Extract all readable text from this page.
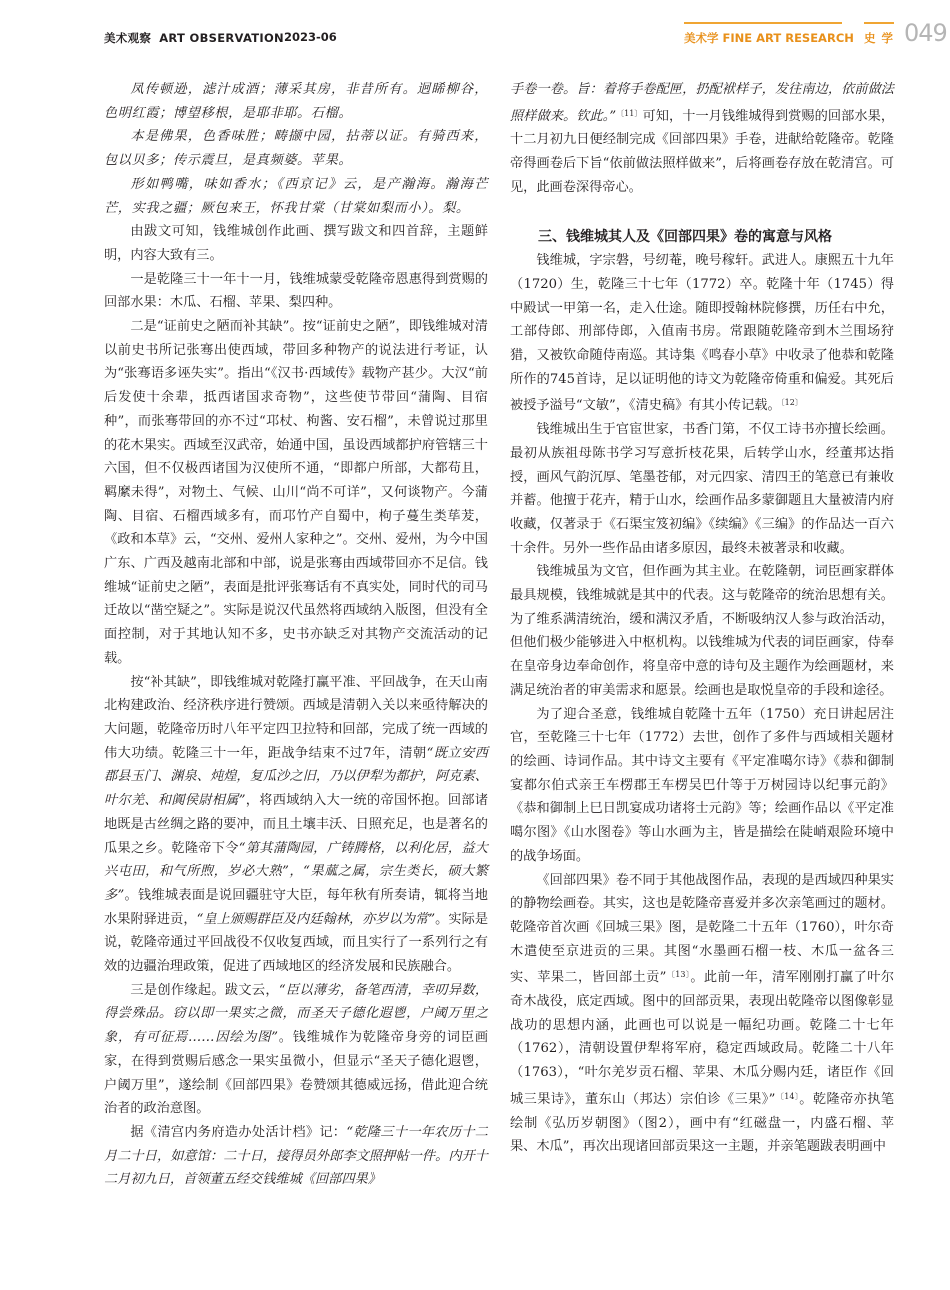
美术观察 ART OBSERVATION 2023-06	美术学 FINE ART RESEARCH 史学 049

凤传顿逊，滤汁成酒；薄采其房，非昔所有。迥睎柳谷，色明红霞；博望移根，是耶非耶。石榴。

本是佛果，色香味胜；畴撷中园，拈蒂以证。有骑西来，包以贝多；传示震旦，是真频婆。苹果。

形如鸭嘴，味如香水；《西京记》云，是产瀚海。瀚海芒芒，实我之疆；厥包来王，怀我甘棠（甘棠如梨而小）。梨。

由跋文可知，钱维城创作此画、撰写跋文和四首辞，主题鲜明，内容大致有三。

一是乾隆三十一年十一月，钱维城蒙受乾隆帝恩惠得到赏赐的回部水果：木瓜、石榴、苹果、梨四种。

二是“证前史之陋而补其缺”。按“证前史之陋”，即钱维城对清以前史书所记张骞出使西域，带回多种物产的说法进行考证，认为“张骞语多诬失实”。指出“《汉书·西域传》载物产甚少。大汉“前后发使十余辈，抵西诸国求奇物”，这些使节带回“蒲陶、目宿种”，而张骞带回的亦不过“邛杖、枸酱、安石榴”，未曾说过那里的花木果实。西域至汉武帝，始通中国，虽设西域都护府管辖三十六国，但不仅极西诸国为汉使所不通，“即都户所部，大都苟且，羁縻未得”，对物土、气候、山川“尚不可详”，又何谈物产。今蒲陶、目宿、石榴西域多有，而邛竹产自蜀中，枸子蔓生类荜茇，《政和本草》云，“交州、爱州人家种之”。交州、爱州，为今中国广东、广西及越南北部和中部，说是张骞由西域带回亦不足信。钱维城“证前史之陋”，表面是批评张骞话有不真实处，同时代的司马迁故以“凿空疑之”。实际是说汉代虽然将西域纳入版图，但没有全面控制，对于其地认知不多，史书亦缺乏对其物产交流活动的记载。

按“补其缺”，即钱维城对乾隆打赢平准、平回战争，在天山南北构建政治、经济秩序进行赞颂。西域是清朝入关以来亟待解决的大问题，乾隆帝历时八年平定四卫拉特和回部，完成了统一西域的伟大功绩。乾隆三十一年，距战争结束不过7年，清朝“既立安西郡县玉门、渊泉、炖煌，复瓜沙之旧，乃以伊犁为都护，阿克素、叶尔羌、和阗侯尉相属”，将西域纳入大一统的帝国怀抱。回部诸地既是古丝绸之路的要冲，而且土壤丰沃、日照充足，也是著名的瓜果之乡。乾隆帝下令“第其蒲陶园，广铸腾格，以利化居，益大兴屯田，和气所煦，岁必大熟”，“果蓏之属，宗生类长，硕大繁多”。钱维城表面是说回疆驻守大臣，每年秋有所奏请，辄将当地水果附驿进贡，“皇上颁赐群臣及内廷翰林，亦岁以为常”。实际是说，乾隆帝通过平回战役不仅收复西域，而且实行了一系列行之有效的边疆治理政策，促进了西域地区的经济发展和民族融合。

三是创作缘起。跋文云，“臣以薄劣，备笔西清，幸叨异数，得尝殊品。窃以即一果实之微，而圣天子德化遐鬯，户阈万里之象，有可征焉……因绘为图”。钱维城作为乾隆帝身旁的词臣画家，在得到赏赐后感念一果实虽微小，但显示“圣天子德化遐鬯，户阈万里”，遂绘制《回部四果》卷赞颂其德威远扬，借此迎合统治者的政治意图。

据《清宫内务府造办处活计档》记：“乾隆三十一年农历十二月二十日，如意馆：二十日，接得员外郎李文照押帖一件。内开十二月初九日，首领董五经交钱维城《回部四果》

手卷一卷。旨：着将手卷配匣，扔配袱样子，发往南边，依前做法照样做来。钦此。”$^{〔11〕}$可知，十一月钱维城得到赏赐的回部水果，十二月初九日便经制完成《回部四果》手卷，进献给乾隆帝。乾隆帝得画卷后下旨“依前做法照样做来”，后将画卷存放在乾清宫。可见，此画卷深得帝心。

三、钱维城其人及《回部四果》卷的寓意与风格

钱维城，字宗磐，号纫菴，晚号稼轩。武进人。康熙五十九年（1720）生，乾隆三十七年（1772）卒。乾隆十年（1745）得中殿试一甲第一名，走入仕途。随即授翰林院修撰，历任右中允，工部侍郎、刑部侍郎，入值南书房。常跟随乾隆帝到木兰围场狩猎，又被钦命随侍南巡。其诗集《鸣春小草》中收录了他恭和乾隆所作的745首诗，足以证明他的诗文为乾隆帝倚重和偏爱。其死后被授予溢号“文敏”，《清史稿》有其小传记载。$^{〔12〕}$

钱维城出生于官宦世家，书香门第，不仅工诗书亦擅长绘画。最初从族祖母陈书学习写意折枝花果，后转学山水，经董邦达指授，画风气韵沉厚、笔墨苍郁，对元四家、清四王的笔意已有兼收并蓄。他擅于花卉，精于山水，绘画作品多蒙御题且大量被清内府收藏，仅著录于《石渠宝笈初编》《续编》《三编》的作品达一百六十余件。另外一些作品由诸多原因，最终未被著录和收藏。

钱维城虽为文官，但作画为其主业。在乾隆朝，词臣画家群体最具规模，钱维城就是其中的代表。这与乾隆帝的统治思想有关。为了维系满清统治，缓和满汉矛盾，不断吸纳汉人参与政治活动，但他们极少能够进入中枢机构。以钱维城为代表的词臣画家，侍奉在皇帝身边奉命创作，将皇帝中意的诗句及主题作为绘画题材，来满足统治者的审美需求和愿景。绘画也是取悦皇帝的手段和途径。

为了迎合圣意，钱维城自乾隆十五年（1750）充日讲起居注官，至乾隆三十七年（1772）去世，创作了多件与西域相关题材的绘画、诗词作品。其中诗文主要有《平定准噶尔诗》《恭和御制宴都尔伯式亲王车楞郡王车楞吴巴什等于万树园诗以纪事元韵》《恭和御制上巳日凯宴成功诸将士元韵》等；绘画作品以《平定准噶尔图》《山水图卷》等山水画为主，皆是描绘在陡峭艰险环境中的战争场面。

《回部四果》卷不同于其他战图作品，表现的是西域四种果实的静物绘画卷。其实，这也是乾隆帝喜爱并多次亲笔画过的题材。乾隆帝首次画《回城三果》图，是乾隆二十五年（1760），叶尔奇木遣使至京进贡的三果。其图“水墨画石榴一枝、木瓜一盆各三实、苹果二，皆回部土贡”$^{〔13〕}$。此前一年，清军刚刚打赢了叶尔奇木战役，底定西域。图中的回部贡果，表现出乾隆帝以图像彰显战功的思想内涵，此画也可以说是一幅纪功画。乾隆二十七年（1762），清朝设置伊犁将军府，稳定西域政局。乾隆二十八年（1763），“叶尔羌岁贡石榴、苹果、木瓜分赐内廷，诸臣作《回城三果诗》，董东山（邦达）宗伯诊《三果》”$^{〔14〕}$。乾隆帝亦执笔绘制《弘历岁朝图》（图2），画中有“红磁盘一，内盛石榴、苹果、木瓜”，再次出现诸回部贡果这一主题，并亲笔题跋表明画中
